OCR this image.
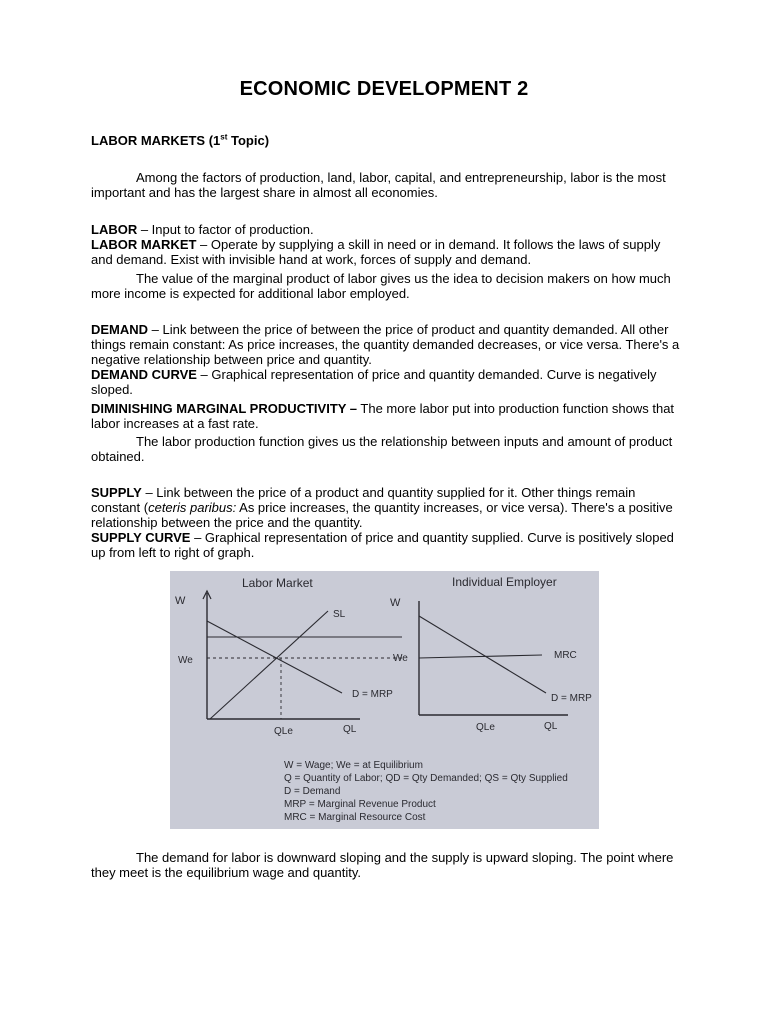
ECONOMIC DEVELOPMENT 2

LABOR MARKETS (1st Topic)

Among the factors of production, land, labor, capital, and entrepreneurship, labor is the most important and has the largest share in almost all economies.

LABOR – Input to factor of production.

LABOR MARKET – Operate by supplying a skill in need or in demand. It follows the laws of supply and demand. Exist with invisible hand at work, forces of supply and demand.

The value of the marginal product of labor gives us the idea to decision makers on how much more income is expected for additional labor employed.

DEMAND – Link between the price of between the price of product and quantity demanded. All other things remain constant: As price increases, the quantity demanded decreases, or vice versa. There's a negative relationship between price and quantity.

DEMAND CURVE – Graphical representation of price and quantity demanded. Curve is negatively sloped.

DIMINISHING MARGINAL PRODUCTIVITY – The more labor put into production function shows that labor increases at a fast rate.

The labor production function gives us the relationship between inputs and amount of product obtained.

SUPPLY – Link between the price of a product and quantity supplied for it. Other things remain constant (ceteris paribus: As price increases, the quantity increases, or vice versa). There's a positive relationship between the price and the quantity.

SUPPLY CURVE – Graphical representation of price and quantity supplied. Curve is positively sloped up from left to right of graph.

Labor Market
W
We
SL
D = MRP
QLe	QL
Individual Employer
W
We	MRC
D = MRP
QLe	QL
W = Wage; We = at Equilibrium
Q = Quantity of Labor; QD = Qty Demanded; QS = Qty Supplied
D = Demand
MRP = Marginal Revenue Product
MRC = Marginal Resource Cost

The demand for labor is downward sloping and the supply is upward sloping. The point where they meet is the equilibrium wage and quantity.
